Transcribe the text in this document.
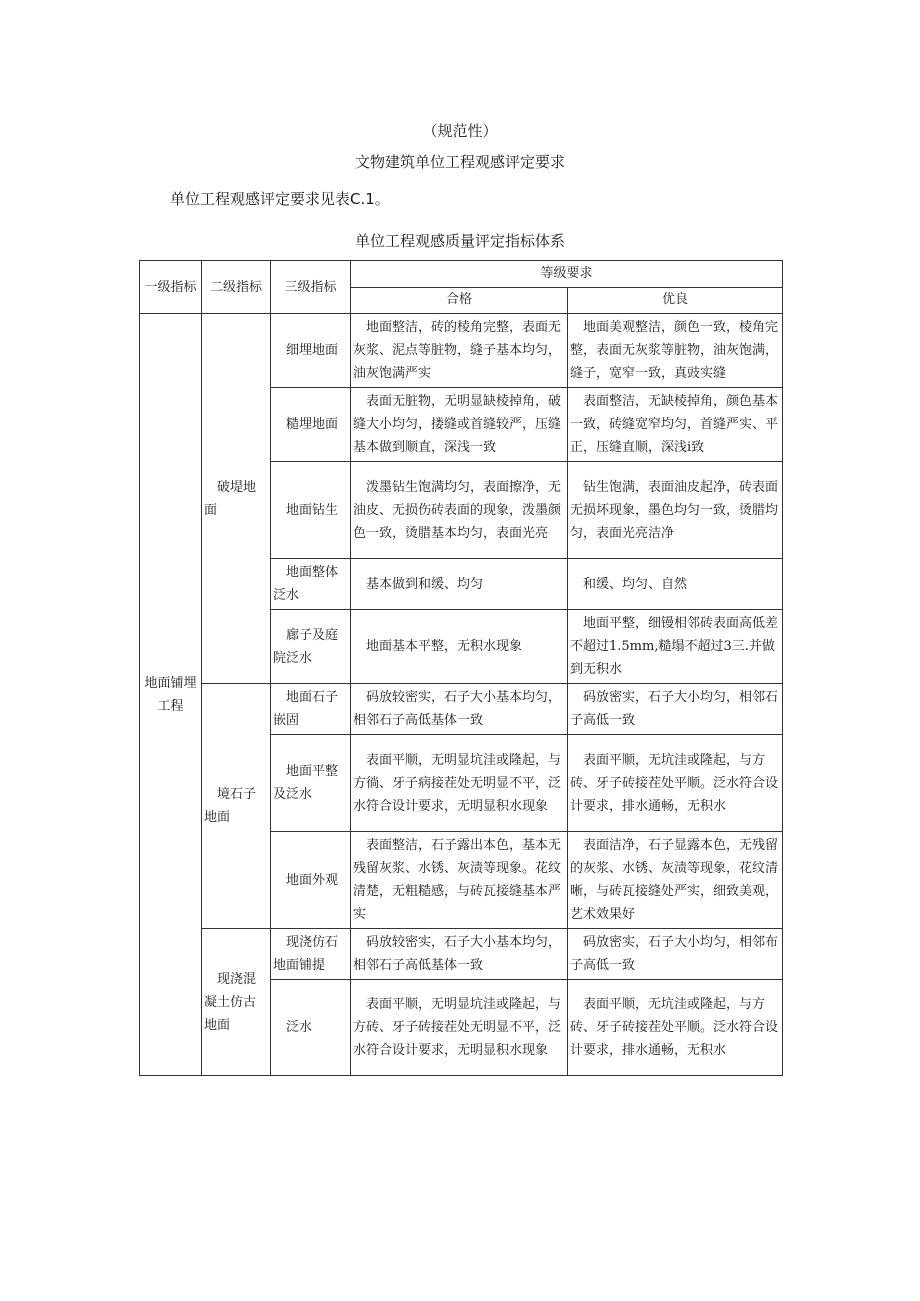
（规范性）
文物建筑单位工程观感评定要求

单位工程观感评定要求见表C.1。

单位工程观感质量评定指标体系
一级指标	二级指标	三级指标	等级要求	
			合格	优良
地面铺埋工程	破堤地面	细埋地面	地面整洁，砖的棱角完整，表面无灰浆、泥点等脏物，缝子基本均匀，油灰饱满严实	地面美观整洁，颜色一致，棱角完整，表面无灰浆等脏物，油灰饱满，缝子，宽窄一致，真豉实缝
		糙埋地面	表面无脏物，无明显缺棱掉角，破缝大小均匀，搂缝或首缝较严，压缝基本做到顺直，深浅一致	表面整洁，无缺棱掉角，颜色基本一致，砖缝宽窄均匀，首缝严实、平正，压缝直顺，深浅i致
		地面钻生	泼墨钻生饱满均匀，表面擦净，无油皮、无损伤砖表面的现象，泼墨颜色一致，烫腊基本均匀，表面光亮	钻生饱满，表面油皮起净，砖表面无损坏现象，墨色均匀一致，烫腊均匀，表面光亮洁净
		地面整体泛水	基本做到和缓、均匀	和缓、均匀、自然
		廊子及庭院泛水	地面基本平整，无积水现象	地面平整，细镘相邻砖表面高低差不超过1.5mm,糙塌不超过3三.并做到无积水
	境石子地面	地面石子嵌固	码放较密实，石子大小基本均匀，相邻石子高低基体一致	码放密实，石子大小均匀，相邻石子高低一致
		地面平整及泛水	表面平顺，无明显坑洼或隆起，与方徜、牙子病接茬处无明显不平，泛水符合设计要求，无明显积水现象	表面平顺，无坑洼或隆起，与方砖、牙子砖接茬处平顺。泛水符合设计要求，排水通畅，无积水
		地面外观	表面整洁，石子露出本色，基本无残留灰浆、水锈、灰渍等现象。花纹清楚，无粗糙感，与砖瓦接缝基本严实	表面洁净，石子显露本色，无残留的灰浆、水锈、灰渍等现象，花纹清晰，与砖瓦接缝处严实，细致美观，艺术效果好
	现浇混凝土仿古地面	现浇仿石地面铺提	码放较密实，石子大小基本均匀，相邻石子高低基体一致	码放密实，石子大小均匀，相邻布子高低一致
		泛水	表面平顺，无明显坑洼或隆起，与方砖、牙子砖接茬处无明显不平，泛水符合设计要求，无明显积水现象	表面平顺，无坑洼或隆起，与方砖、牙子砖接茬处平顺。泛水符合设计要求，排水通畅，无积水
